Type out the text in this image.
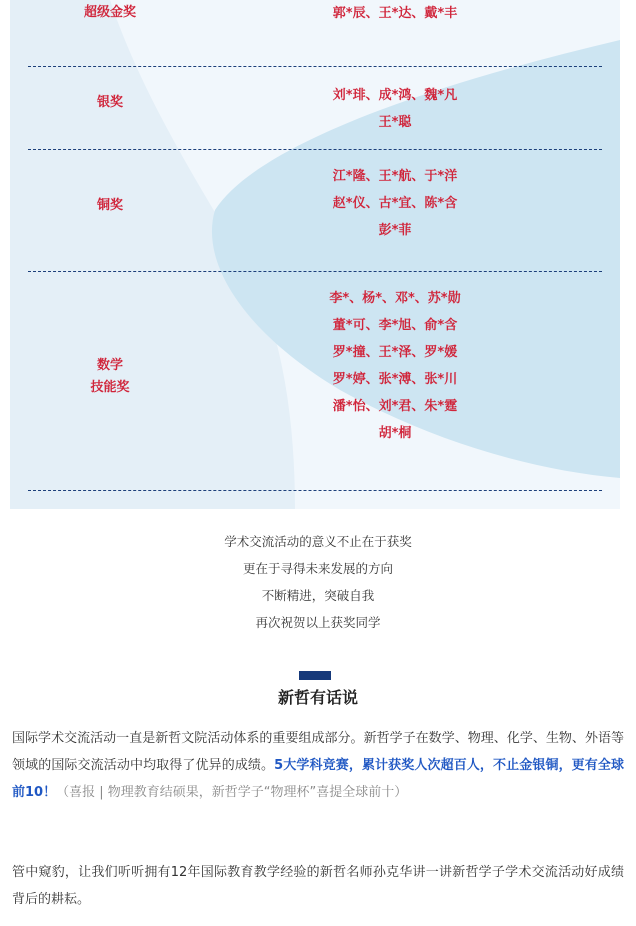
超级金奖	郭*辰、王*达、戴*丰
银奖	刘*琲、成*鸿、魏*凡
王*聪
铜奖
江*隆、王*航、于*洋
赵*仪、古*宜、陈*含
彭*菲
数学
技能奖
李*、杨*、邓*、苏*勋
董*可、李*旭、俞*含
罗*撞、王*泽、罗*媛
罗*婷、张*溥、张*川
潘*怡、刘*君、朱*霆
胡*桐
学术交流活动的意义不止在于获奖
更在于寻得未来发展的方向
不断精进，突破自我
再次祝贺以上获奖同学
新哲有话说
国际学术交流活动一直是新哲文院活动体系的重要组成部分。新哲学子在数学、物理、化学、生物、外语等领域的国际交流活动中均取得了优异的成绩。5大学科竞赛，累计获奖人次超百人，不止金银铜，更有全球前10！（喜报 | 物理教育结硕果，新哲学子“物理杯”喜提全球前十）
管中窥豹，让我们听听拥有12年国际教育教学经验的新哲名师孙克华讲一讲新哲学子学术交流活动好成绩背后的耕耘。
